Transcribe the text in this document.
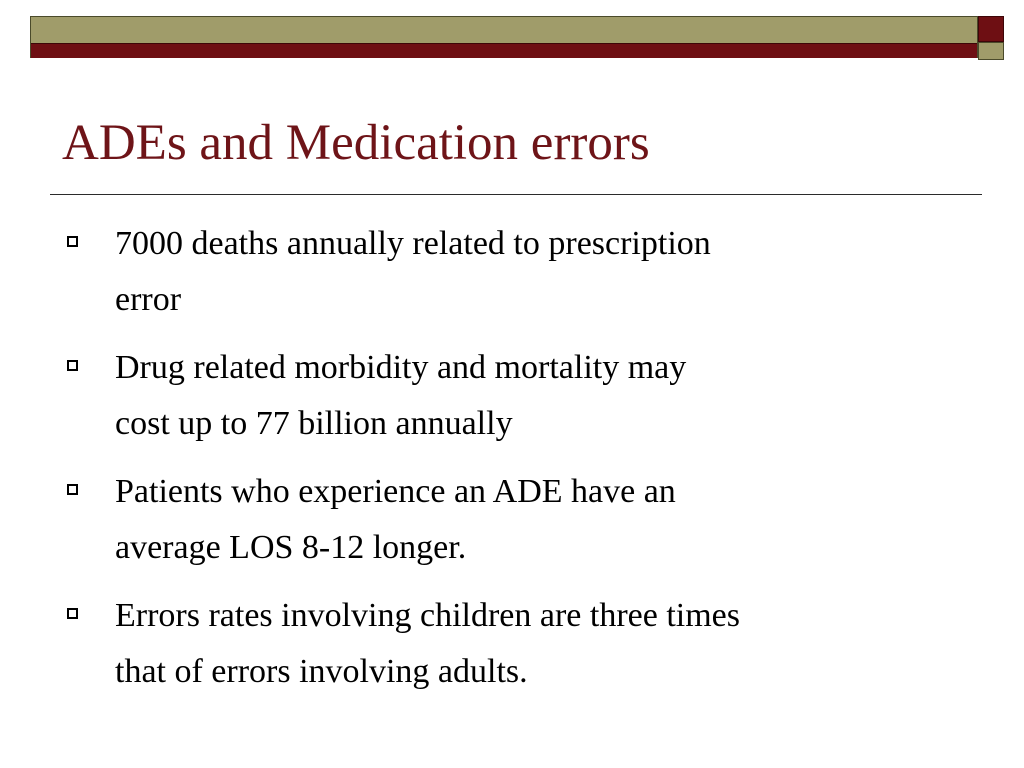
ADEs and Medication errors
7000 deaths annually related to prescription
error
Drug related morbidity and mortality may
cost up to 77 billion annually
Patients who experience an ADE have an
average LOS 8-12 longer.
Errors rates involving children are three times
that of errors involving adults.
